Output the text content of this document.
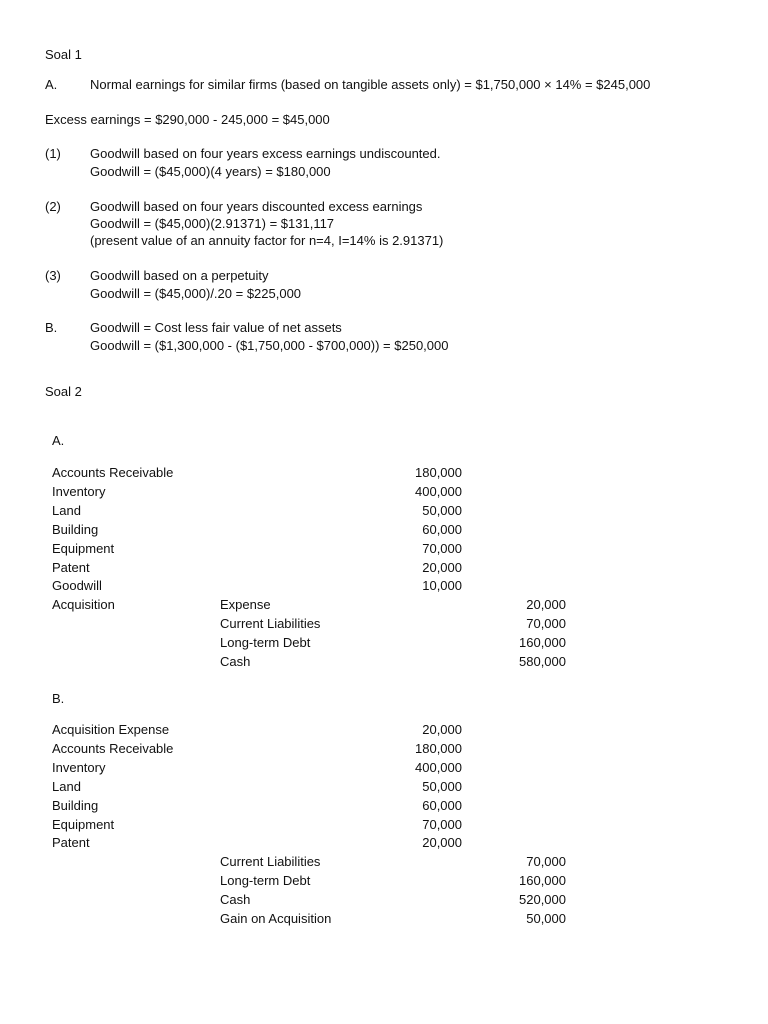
Soal 1
A.	Normal earnings for similar firms (based on tangible assets only) = $1,750,000 × 14% = $245,000
Excess earnings = $290,000 - 245,000 = $45,000
(1) Goodwill based on four years excess earnings undiscounted.
Goodwill = ($45,000)(4 years) = $180,000
(2) Goodwill based on four years discounted excess earnings
Goodwill = ($45,000)(2.91371) = $131,117
(present value of an annuity factor for n=4, I=14% is 2.91371)
(3) Goodwill based on a perpetuity
Goodwill = ($45,000)/.20 = $225,000
B.	Goodwill = Cost less fair value of net assets
Goodwill = ($1,300,000 - ($1,750,000 - $700,000)) = $250,000
Soal 2
A.
Accounts Receivable	180,000
Inventory	400,000
Land	50,000
Building	60,000
Equipment	70,000
Patent	20,000
Goodwill	10,000
Acquisition	Expense	20,000
Current Liabilities	70,000
Long-term Debt	160,000
Cash	580,000
B.
Acquisition Expense	20,000
Accounts Receivable	180,000
Inventory	400,000
Land	50,000
Building	60,000
Equipment	70,000
Patent	20,000
Current Liabilities	70,000
Long-term Debt	160,000
Cash	520,000
Gain on Acquisition	50,000
